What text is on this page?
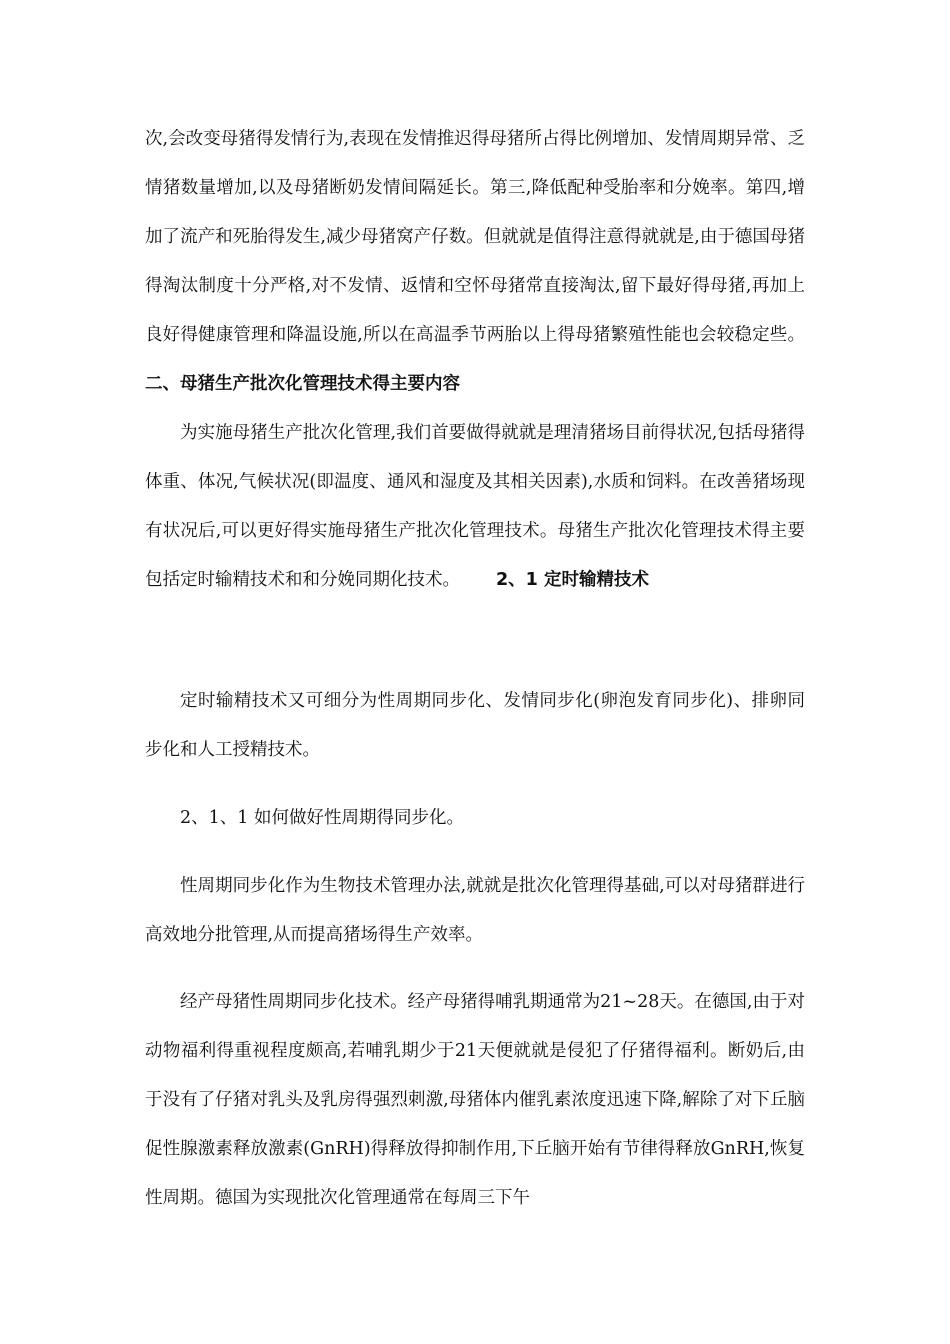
次,会改变母猪得发情行为,表现在发情推迟得母猪所占得比例增加、发情周期异常、乏情猪数量增加,以及母猪断奶发情间隔延长。第三,降低配种受胎率和分娩率。第四,增加了流产和死胎得发生,减少母猪窝产仔数。但就就是值得注意得就就是,由于德国母猪得淘汰制度十分严格,对不发情、返情和空怀母猪常直接淘汰,留下最好得母猪,再加上良好得健康管理和降温设施,所以在高温季节两胎以上得母猪繁殖性能也会较稳定些。二、母猪生产批次化管理技术得主要内容
为实施母猪生产批次化管理,我们首要做得就就是理清猪场目前得状况,包括母猪得体重、体况,气候状况(即温度、通风和湿度及其相关因素),水质和饲料。在改善猪场现有状况后,可以更好得实施母猪生产批次化管理技术。母猪生产批次化管理技术得主要包括定时输精技术和和分娩同期化技术。 2、1 定时输精技术
定时输精技术又可细分为性周期同步化、发情同步化(卵泡发育同步化)、排卵同步化和人工授精技术。
2、1、1 如何做好性周期得同步化。
性周期同步化作为生物技术管理办法,就就是批次化管理得基础,可以对母猪群进行高效地分批管理,从而提高猪场得生产效率。
经产母猪性周期同步化技术。经产母猪得哺乳期通常为21~28天。在德国,由于对动物福利得重视程度颇高,若哺乳期少于21天便就就是侵犯了仔猪得福利。断奶后,由于没有了仔猪对乳头及乳房得强烈刺激,母猪体内催乳素浓度迅速下降,解除了对下丘脑促性腺激素释放激素(GnRH)得释放得抑制作用,下丘脑开始有节律得释放GnRH,恢复性周期。德国为实现批次化管理通常在每周三下午
